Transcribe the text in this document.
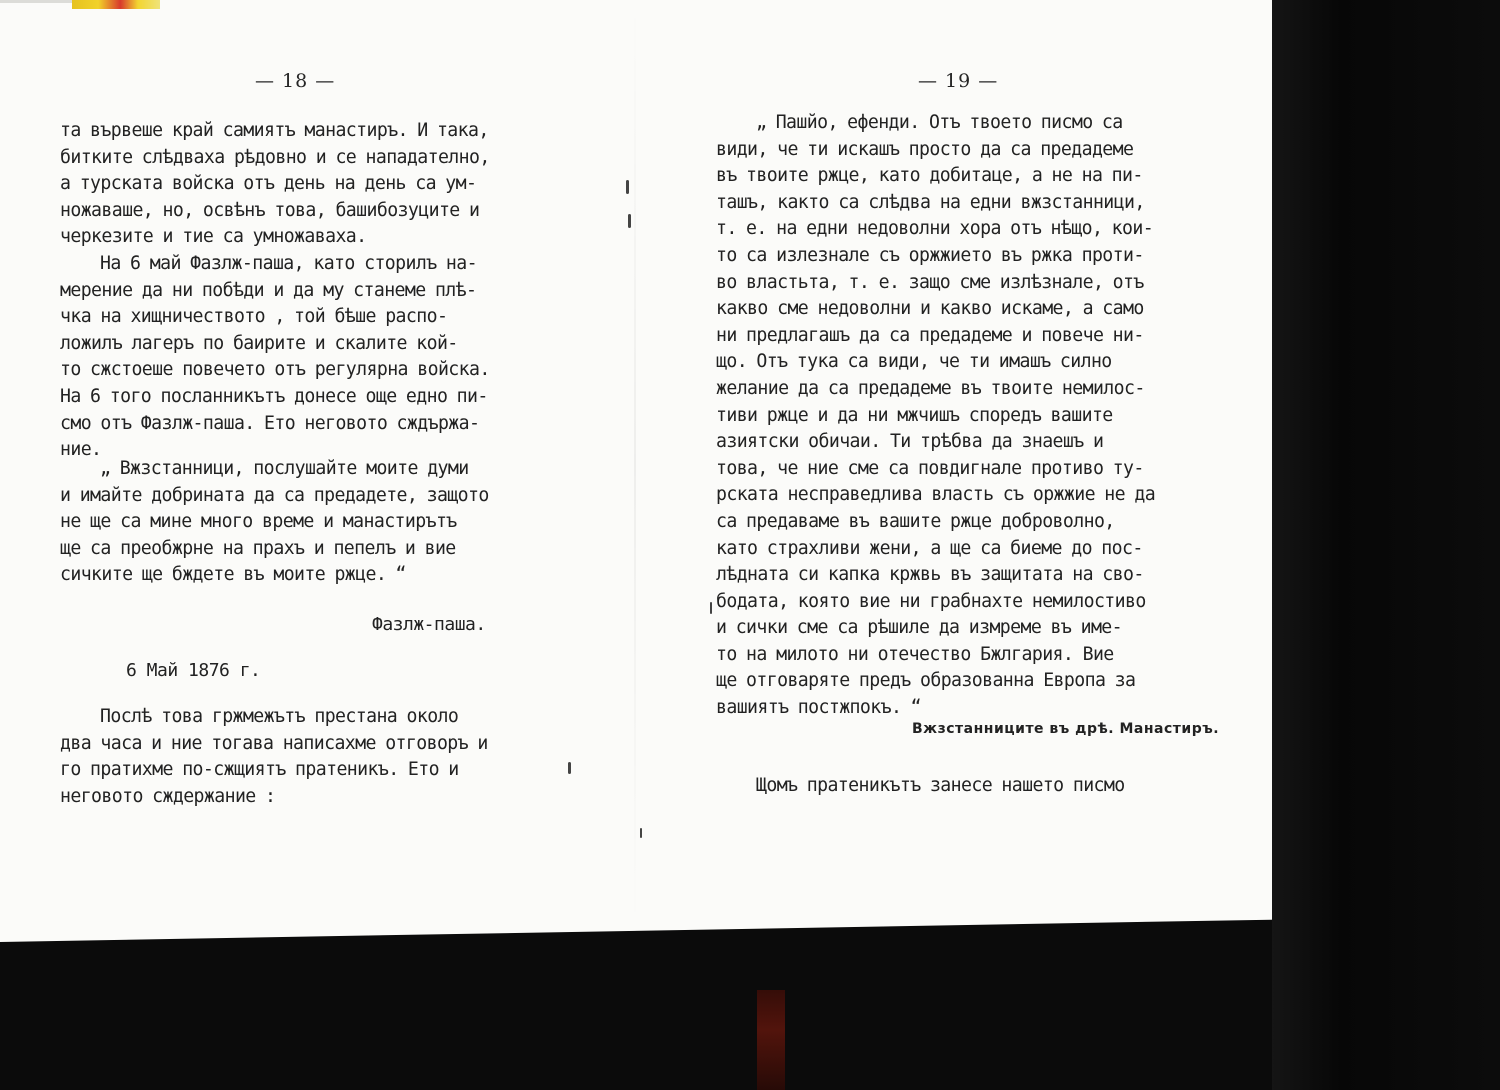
— 18 —
та вървеше край самиятъ манастиръ. И така,
битките слѣдваха рѣдовно и се нападателно,
а турската войска отъ день на день са ум-
ножаваше, но, освѣнъ това, башибозуците и
черкезите и тие са умножаваха.
На 6 май Фазлж-паша, като сторилъ на-
мерение да ни побѣди и да му станеме плѣ-
чка на хищничеството , той бѣше распо-
ложилъ лагеръ по баирите и скалите кой-
то сжстоеше повечето отъ регулярна войска.
На 6 того посланникътъ донесе още едно пи-
смо отъ Фазлж-паша. Ето неговото сждържа-
ние.
„ Вжзстанници, послушайте моите думи
и имайте добрината да са предадете, защото
не ще са мине много време и манастирътъ
ще са преобжрне на прахъ и пепелъ и вие
сичките ще бждете въ моите ржце. “
Фазлж-паша.
6 Май 1876 г.
Послѣ това гржмежътъ престана около
два часа и ние тогава написахме отговоръ и
го пратихме по-сжщиятъ пратеникъ. Ето и
неговото сждержание :
— 19 —
„ Пашйо, ефенди. Отъ твоето писмо са
види, че ти искашъ просто да са предадеме
въ твоите ржце, като добитаце, а не на пи-
ташъ, както са слѣдва на едни вжзстанници,
т. е. на едни недоволни хора отъ нѣщо, кои-
то са излезнале съ оржжието въ ржка проти-
во властьта, т. е. защо сме излѣзнале, отъ
какво сме недоволни и какво искаме, а само
ни предлагашъ да са предадеме и повече ни-
що. Отъ тука са види, че ти имашъ силно
желание да са предадеме въ твоите немилос-
тиви ржце и да ни мжчишъ споредъ вашите
азиятски обичаи. Ти трѣбва да знаешъ и
това, че ние сме са повдигнале противо ту-
рската несправедлива власть съ оржжие не да
са предаваме въ вашите ржце доброволно,
като страхливи жени, а ще са биеме до пос-
лѣдната си капка кржвь въ защитата на сво-
бодата, която вие ни грабнахте немилостиво
и сички сме са рѣшиле да измреме въ име-
то на милото ни отечество Бжлгария. Вие
ще отговаряте предъ образованна Европа за
вашиятъ постжпокъ. “
Вжзстанниците въ дрѣ. Манастиръ.
Щомъ пратеникътъ занесе нашето писмо
